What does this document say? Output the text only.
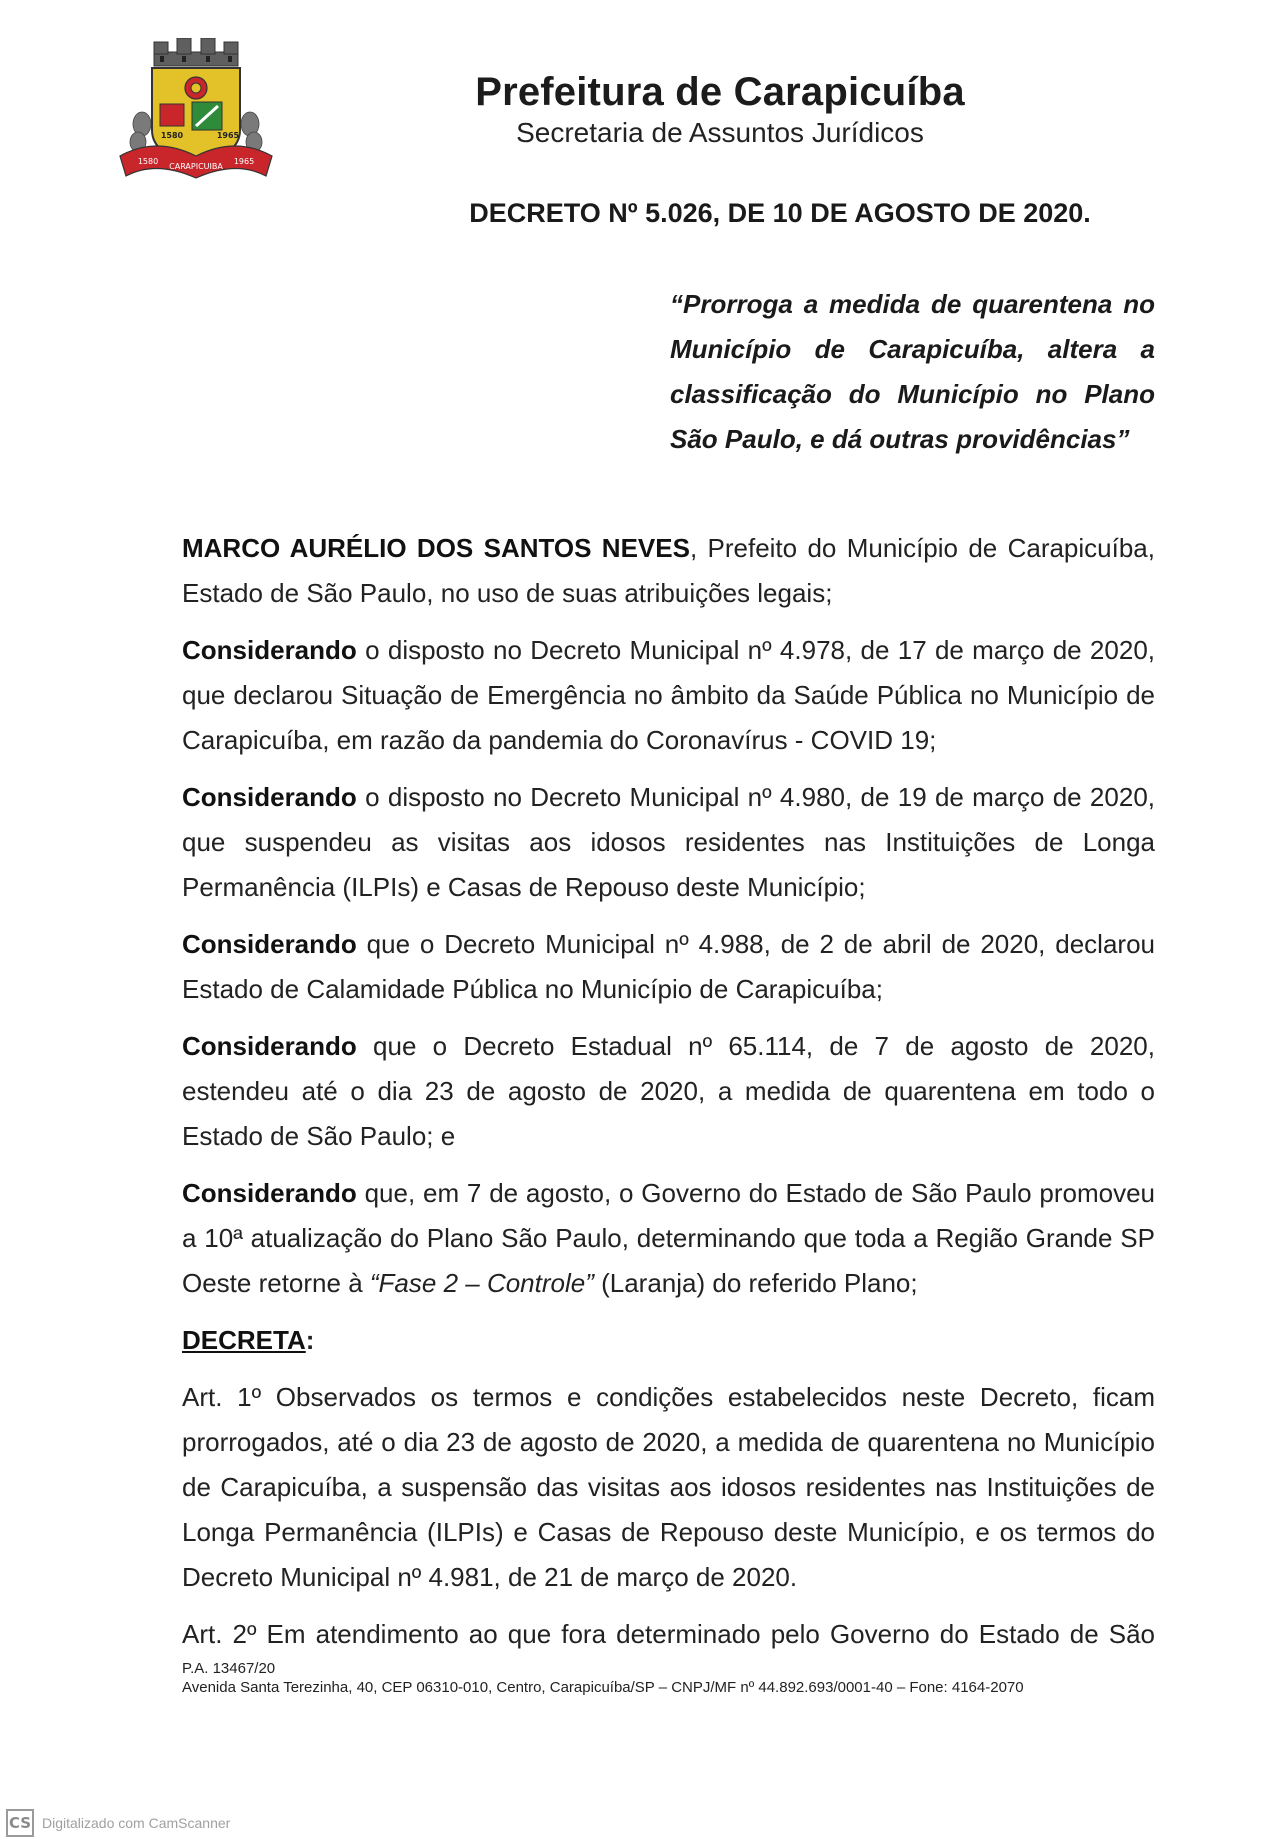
1580	1965
1580
CARAPICUIBA
1965
Prefeitura de Carapicuíba
Secretaria de Assuntos Jurídicos
DECRETO Nº 5.026, DE 10 DE AGOSTO DE 2020.
“Prorroga a medida de quarentena no Município de Carapicuíba, altera a classificação do Município no Plano São Paulo, e dá outras providências”

MARCO AURÉLIO DOS SANTOS NEVES, Prefeito do Município de Carapicuíba, Estado de São Paulo, no uso de suas atribuições legais;

Considerando o disposto no Decreto Municipal nº 4.978, de 17 de março de 2020, que declarou Situação de Emergência no âmbito da Saúde Pública no Município de Carapicuíba, em razão da pandemia do Coronavírus - COVID 19;

Considerando o disposto no Decreto Municipal nº 4.980, de 19 de março de 2020, que suspendeu as visitas aos idosos residentes nas Instituições de Longa Permanência (ILPIs) e Casas de Repouso deste Município;

Considerando que o Decreto Municipal nº 4.988, de 2 de abril de 2020, declarou Estado de Calamidade Pública no Município de Carapicuíba;

Considerando que o Decreto Estadual nº 65.114, de 7 de agosto de 2020, estendeu até o dia 23 de agosto de 2020, a medida de quarentena em todo o Estado de São Paulo; e

Considerando que, em 7 de agosto, o Governo do Estado de São Paulo promoveu a 10ª atualização do Plano São Paulo, determinando que toda a Região Grande SP Oeste retorne à “Fase 2 – Controle” (Laranja) do referido Plano;

DECRETA:

Art. 1º Observados os termos e condições estabelecidos neste Decreto, ficam prorrogados, até o dia 23 de agosto de 2020, a medida de quarentena no Município de Carapicuíba, a suspensão das visitas aos idosos residentes nas Instituições de Longa Permanência (ILPIs) e Casas de Repouso deste Município, e os termos do Decreto Municipal nº 4.981, de 21 de março de 2020.

Art. 2º Em atendimento ao que fora determinado pelo Governo do Estado de São

P.A. 13467/20
Avenida Santa Terezinha, 40, CEP 06310-010, Centro, Carapicuíba/SP – CNPJ/MF nº 44.892.693/0001-40 – Fone: 4164-2070
CS Digitalizado com CamScanner
